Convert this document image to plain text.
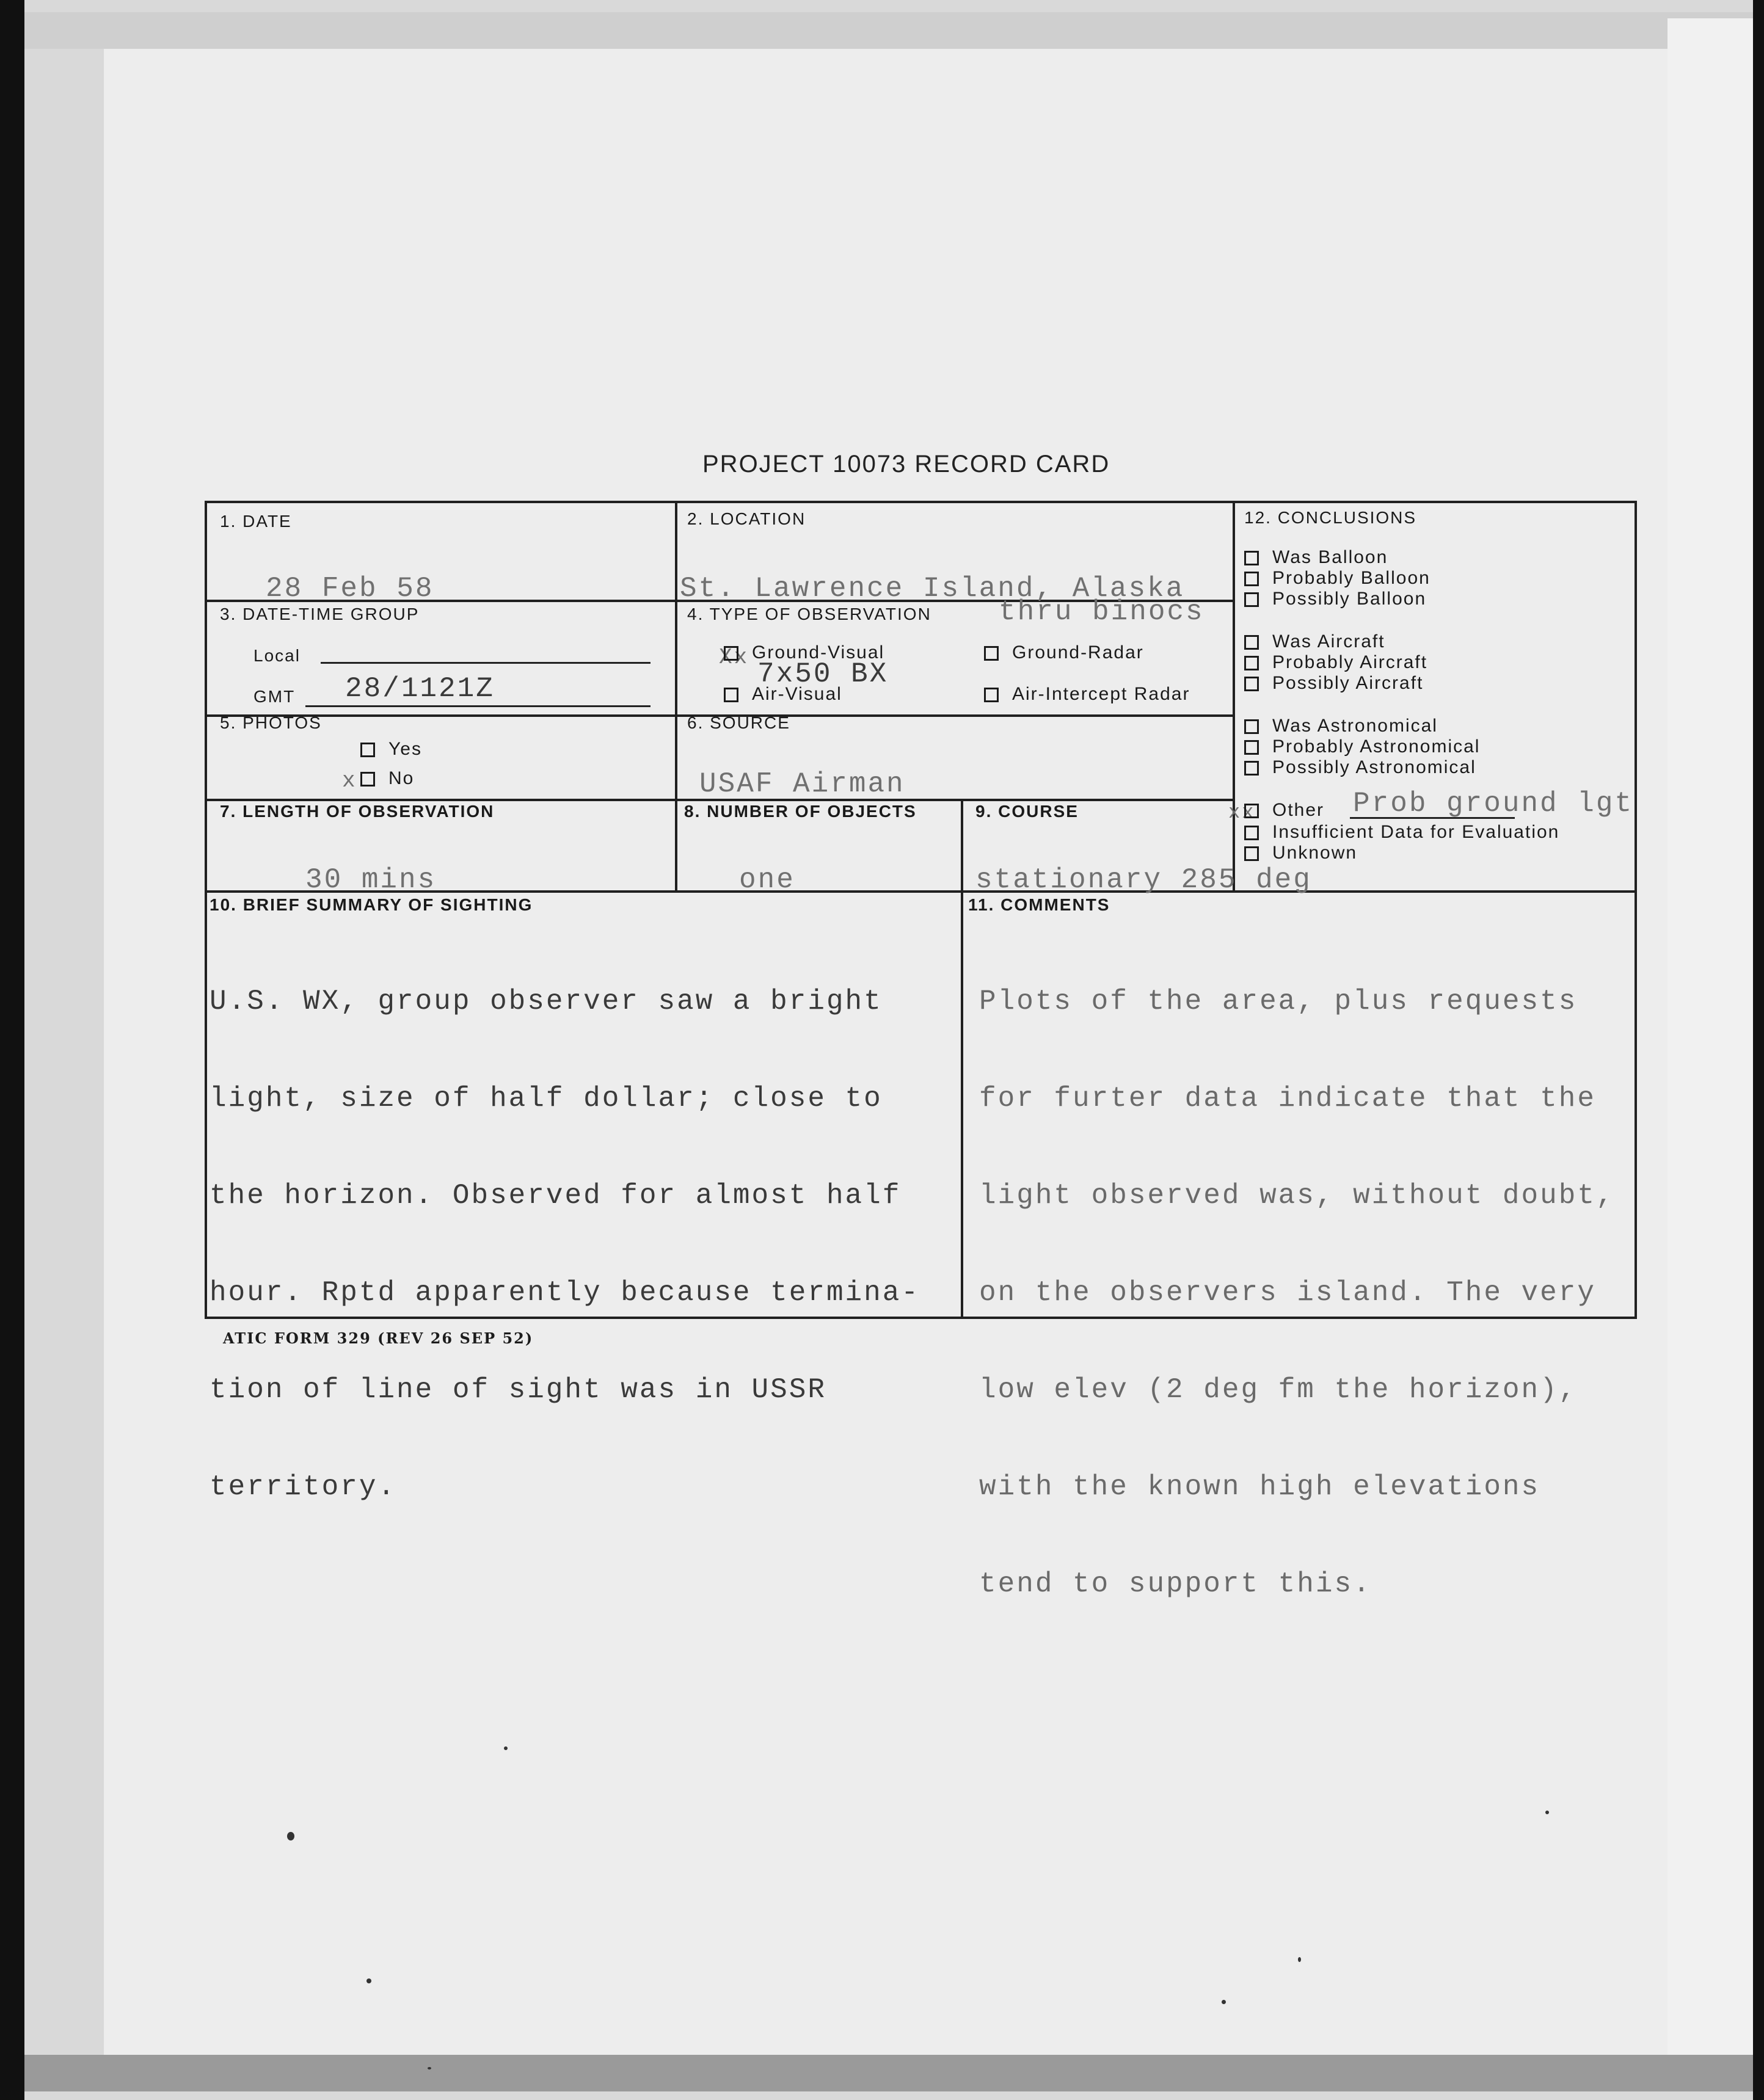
PROJECT 10073 RECORD CARD
1. DATE
28 Feb 58
2. LOCATION
St. Lawrence Island, Alaska
3. DATE-TIME GROUP
Local
GMT 28/1121Z
4. TYPE OF OBSERVATION thru binocs
Xx Ground-Visual
7x50 BX
Ground-Radar
Air-Visual	Air-Intercept Radar
5. PHOTOS
Yes
x	No
6. SOURCE
USAF Airman
7. LENGTH OF OBSERVATION
30 mins
8. NUMBER OF OBJECTS
one
9. COURSE
stationary 285 deg
12. CONCLUSIONS
Was Balloon
Probably Balloon
Possibly Balloon
Was Aircraft
Probably Aircraft
Possibly Aircraft
Was Astronomical
Probably Astronomical
Possibly Astronomical
xx Other Prob ground lgt
Insufficient Data for Evaluation
Unknown
10. BRIEF SUMMARY OF SIGHTING

U.S. WX, group observer saw a bright

light, size of half dollar; close to

the horizon. Observed for almost half

hour. Rptd apparently because termina-

tion of line of sight was in USSR

territory.

11. COMMENTS

Plots of the area, plus requests

for furter data indicate that the

light observed was, without doubt,

on the observers island. The very

low elev (2 deg fm the horizon),

with the known high elevations

tend to support this.

ATIC FORM 329 (REV 26 SEP 52)
